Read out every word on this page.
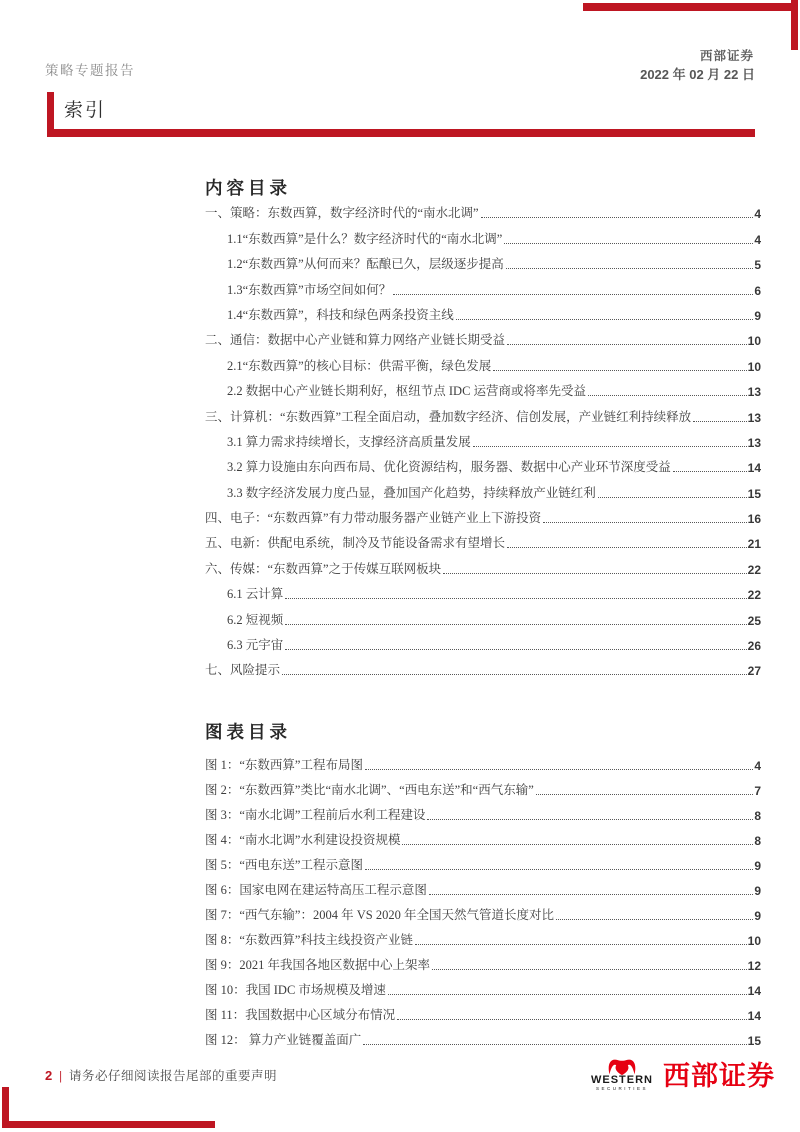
策略专题报告
西部证券
2022 年 02 月 22 日
索引
内容目录
一、策略：东数西算，数字经济时代的“南水北调”	4
1.1“东数西算”是什么？数字经济时代的“南水北调”	4
1.2“东数西算”从何而来？酝酿已久，层级逐步提高	5
1.3“东数西算”市场空间如何？	6
1.4“东数西算”，科技和绿色两条投资主线	9
二、通信：数据中心产业链和算力网络产业链长期受益	10
2.1“东数西算”的核心目标：供需平衡，绿色发展	10
2.2 数据中心产业链长期利好，枢纽节点 IDC 运营商或将率先受益	13
三、计算机：“东数西算”工程全面启动，叠加数字经济、信创发展，产业链红利持续释放	13
3.1 算力需求持续增长，支撑经济高质量发展	13
3.2 算力设施由东向西布局、优化资源结构，服务器、数据中心产业环节深度受益	14
3.3 数字经济发展力度凸显，叠加国产化趋势，持续释放产业链红利	15
四、电子：“东数西算”有力带动服务器产业链产业上下游投资	16
五、电新：供配电系统，制冷及节能设备需求有望增长	21
六、传媒：“东数西算”之于传媒互联网板块	22
6.1 云计算	22
6.2 短视频	25
6.3 元宇宙	26
七、风险提示	27
图表目录
图 1：“东数西算”工程布局图	4
图 2：“东数西算”类比“南水北调”、“西电东送”和“西气东输”	7
图 3：“南水北调”工程前后水利工程建设	8
图 4：“南水北调”水利建设投资规模	8
图 5：“西电东送”工程示意图	9
图 6：国家电网在建运特高压工程示意图	9
图 7：“西气东输”：2004 年 VS 2020 年全国天然气管道长度对比	9
图 8：“东数西算”科技主线投资产业链	10
图 9：2021 年我国各地区数据中心上架率	12
图 10：我国 IDC 市场规模及增速	14
图 11：我国数据中心区域分布情况	14
图 12： 算力产业链覆盖面广	15
2 | 请务必仔细阅读报告尾部的重要声明	WESTERN
SECURITIES 西部证券
